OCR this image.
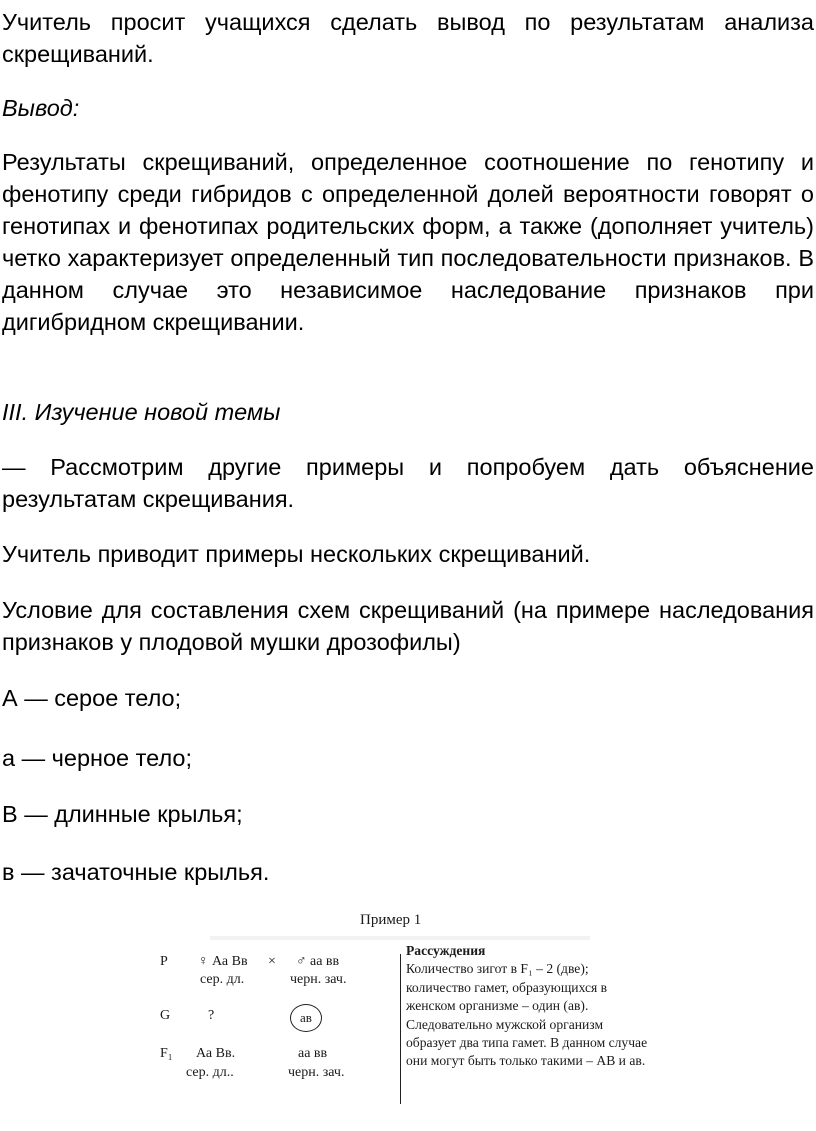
Учитель просит учащихся сделать вывод по результатам анализа скрещиваний.

Вывод:

Результаты скрещиваний, определенное соотношение по генотипу и фенотипу среди гибридов с определенной долей вероятности говорят о генотипах и фенотипах родительских форм, а также (дополняет учитель) четко характеризует определенный тип последовательности признаков. В данном случае это независимое наследование признаков при дигибридном скрещивании.

III. Изучение новой темы

— Рассмотрим другие примеры и попробуем дать объяснение результатам скрещивания.

Учитель приводит примеры нескольких скрещиваний.

Условие для составления схем скрещиваний (на примере наследования признаков у плодовой мушки дрозофилы)

А — серое тело;

а — черное тело;

В — длинные крылья;

в — зачаточные крылья.

Пример 1
P ♀ Аа Вв × ♂ аа вв
сер. дл.	черн. зач.
G	?	ав
F₁ Аа Вв.	аа вв
сер. дл..	черн. зач.
Рассуждения
Количество зигот в F₁ – 2 (две); количество гамет, образующихся в женском организме – один (ав). Следовательно мужской организм образует два типа гамет. В данном случае они могут быть только такими – АВ и ав.
